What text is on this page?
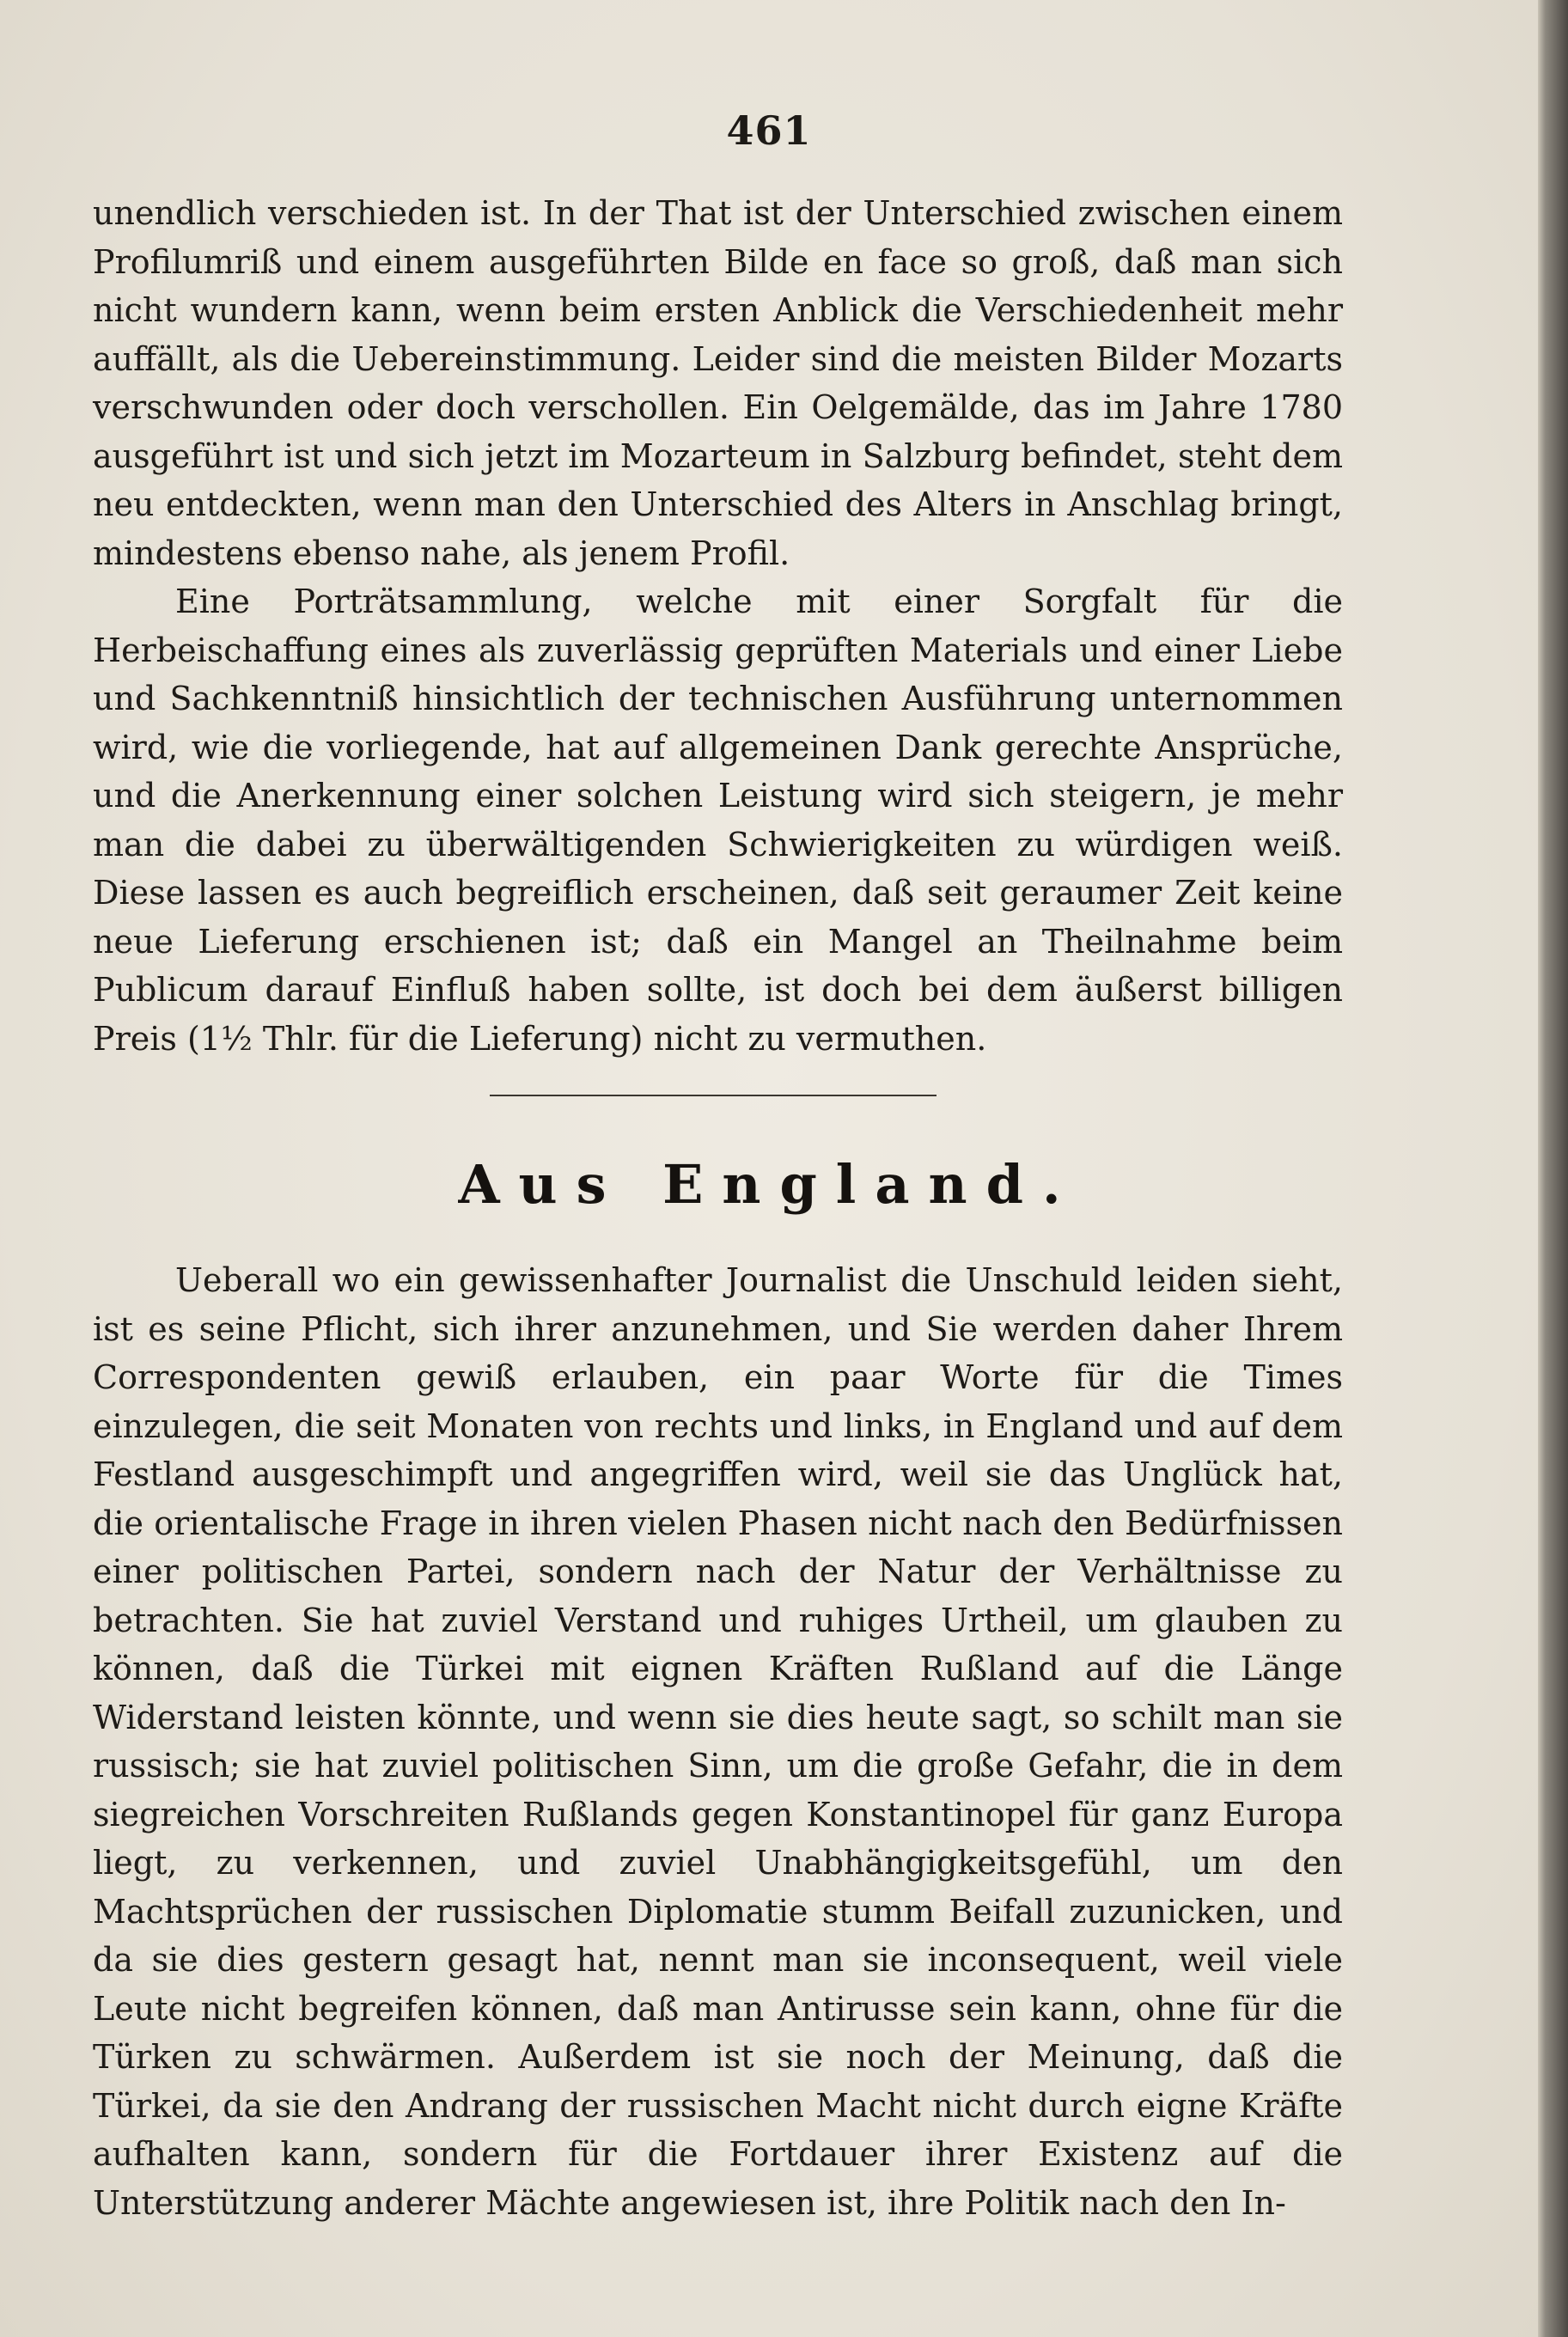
461

unendlich verschieden ist. In der That ist der Unterschied zwischen einem Profilumriß und einem ausgeführten Bilde en face so groß, daß man sich nicht wundern kann, wenn beim ersten Anblick die Verschiedenheit mehr auffällt, als die Uebereinstimmung. Leider sind die meisten Bilder Mozarts verschwunden oder doch verschollen. Ein Oelgemälde, das im Jahre 1780 ausgeführt ist und sich jetzt im Mozarteum in Salzburg befindet, steht dem neu entdeckten, wenn man den Unterschied des Alters in Anschlag bringt, mindestens ebenso nahe, als jenem Profil.

Eine Porträtsammlung, welche mit einer Sorgfalt für die Herbeischaffung eines als zuverlässig geprüften Materials und einer Liebe und Sachkenntniß hinsichtlich der technischen Ausführung unternommen wird, wie die vorliegende, hat auf allgemeinen Dank gerechte Ansprüche, und die Anerkennung einer solchen Leistung wird sich steigern, je mehr man die dabei zu überwältigenden Schwierigkeiten zu würdigen weiß. Diese lassen es auch begreiflich erscheinen, daß seit geraumer Zeit keine neue Lieferung erschienen ist; daß ein Mangel an Theilnahme beim Publicum darauf Einfluß haben sollte, ist doch bei dem äußerst billigen Preis (1½ Thlr. für die Lieferung) nicht zu vermuthen.

Aus England.

Ueberall wo ein gewissenhafter Journalist die Unschuld leiden sieht, ist es seine Pflicht, sich ihrer anzunehmen, und Sie werden daher Ihrem Correspondenten gewiß erlauben, ein paar Worte für die Times einzulegen, die seit Monaten von rechts und links, in England und auf dem Festland ausgeschimpft und angegriffen wird, weil sie das Unglück hat, die orientalische Frage in ihren vielen Phasen nicht nach den Bedürfnissen einer politischen Partei, sondern nach der Natur der Verhältnisse zu betrachten. Sie hat zuviel Verstand und ruhiges Urtheil, um glauben zu können, daß die Türkei mit eignen Kräften Rußland auf die Länge Widerstand leisten könnte, und wenn sie dies heute sagt, so schilt man sie russisch; sie hat zuviel politischen Sinn, um die große Gefahr, die in dem siegreichen Vorschreiten Rußlands gegen Konstantinopel für ganz Europa liegt, zu verkennen, und zuviel Unabhängigkeitsgefühl, um den Machtsprüchen der russischen Diplomatie stumm Beifall zuzunicken, und da sie dies gestern gesagt hat, nennt man sie inconsequent, weil viele Leute nicht begreifen können, daß man Antirusse sein kann, ohne für die Türken zu schwärmen. Außerdem ist sie noch der Meinung, daß die Türkei, da sie den Andrang der russischen Macht nicht durch eigne Kräfte aufhalten kann, sondern für die Fortdauer ihrer Existenz auf die Unterstützung anderer Mächte angewiesen ist, ihre Politik nach den In-
